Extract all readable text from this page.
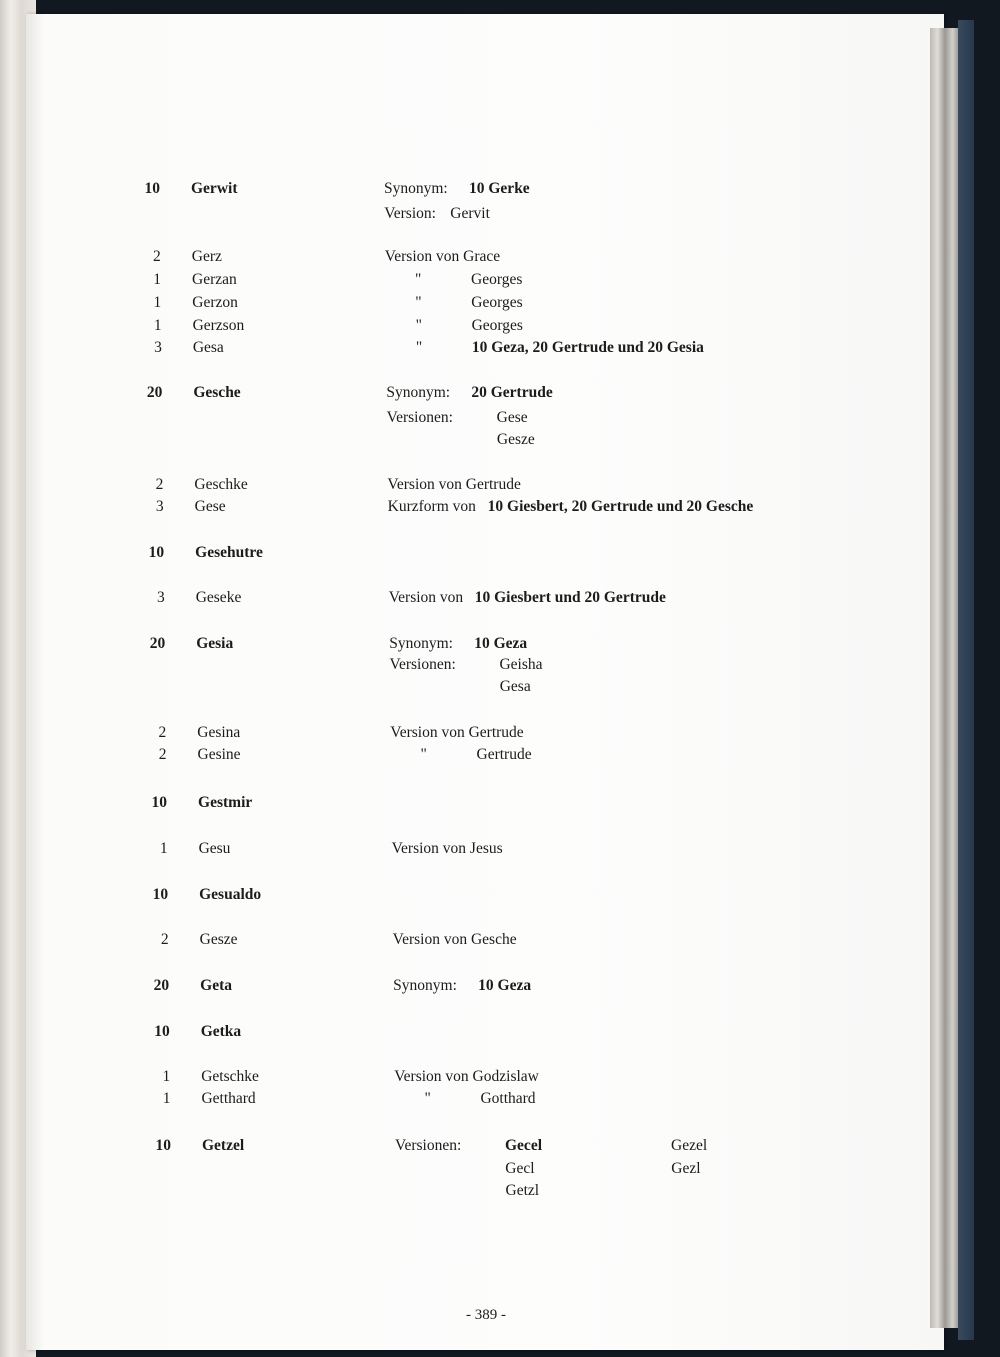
10 Gerwit	Synonym: 10 Gerke
Version: Gervit
2 Gerz	Version von Grace
1 Gerzan	"	Georges
1 Gerzon	"	Georges
1 Gerzson	"	Georges
3 Gesa	"	10 Geza, 20 Gertrude und 20 Gesia
20 Gesche	Synonym: 20 Gertrude
Versionen:	Gese
Gesze
2 Geschke	Version von Gertrude
3 Gese	Kurzform von 10 Giesbert, 20 Gertrude und 20 Gesche
10 Gesehutre
3 Geseke	Version von 10 Giesbert und 20 Gertrude
20 Gesia	Synonym: 10 Geza
Versionen:	Geisha
Gesa
2 Gesina	Version von Gertrude
2 Gesine	"	Gertrude
10 Gestmir
1 Gesu	Version von Jesus
10 Gesualdo
2 Gesze	Version von Gesche
20 Geta	Synonym: 10 Geza
10 Getka
1 Getschke	Version von Godzislaw
1 Getthard	"	Gotthard
10 Getzel	Versionen:	Gecel	Gezel
Gecl	Gezl
Getzl
- 389 -
